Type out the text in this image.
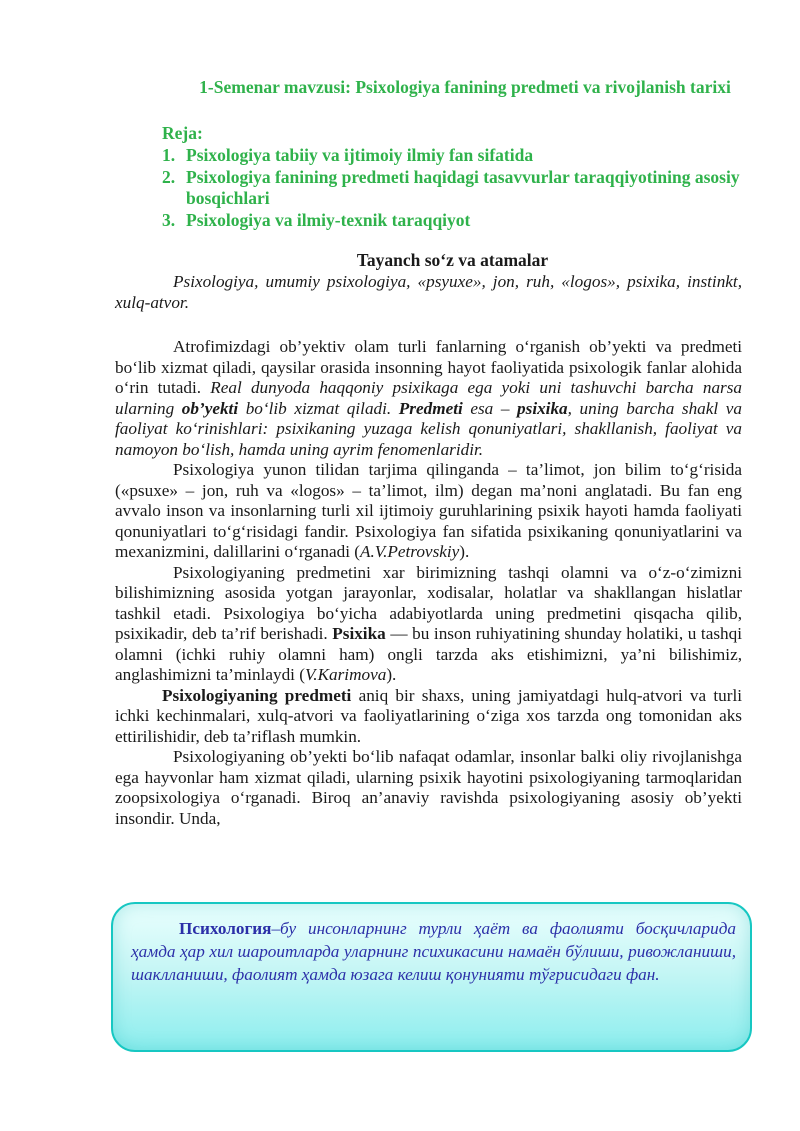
1-Semenar mavzusi: Psixologiya fanining predmeti va rivojlanish tarixi
Reja:
1. Psixologiya tabiiy va ijtimoiy ilmiy fan sifatida
2. Psixologiya fanining predmeti haqidagi tasavvurlar taraqqiyotining asosiy bosqichlari
3. Psixologiya va ilmiy-texnik taraqqiyot
Tayanch so‘z va atamalar
Psixologiya, umumiy psixologiya, «psyuxe», jon, ruh, «logos», psixika, instinkt, xulq-atvor.

Atrofimizdagi ob’yektiv olam turli fanlarning o‘rganish ob’yekti va predmeti bo‘lib xizmat qiladi, qaysilar orasida insonning hayot faoliyatida psixologik fanlar alohida o‘rin tutadi. Real dunyoda haqqoniy psixikaga ega yoki uni tashuvchi barcha narsa ularning ob’yekti bo‘lib xizmat qiladi. Predmeti esa – psixika, uning barcha shakl va faoliyat ko‘rinishlari: psixikaning yuzaga kelish qonuniyatlari, shakllanish, faoliyat va namoyon bo‘lish, hamda uning ayrim fenomenlaridir.

Psixologiya yunon tilidan tarjima qilinganda – ta’limot, jon bilim to‘g‘risida («psuxe» – jon, ruh va «logos» – ta’limot, ilm) degan ma’noni anglatadi. Bu fan eng avvalo inson va insonlarning turli xil ijtimoiy guruhlarining psixik hayoti hamda faoliyati qonuniyatlari to‘g‘risidagi fandir. Psixologiya fan sifatida psixikaning qonuniyatlarini va mexanizmini, dalillarini o‘rganadi (A.V.Petrovskiy).

Psixologiyaning predmetini xar birimizning tashqi olamni va o‘z-o‘zimizni bilishimizning asosida yotgan jarayonlar, xodisalar, holatlar va shakllangan hislatlar tashkil etadi. Psixologiya bo‘yicha adabiyotlarda uning predmetini qisqacha qilib, psixikadir, deb ta’rif berishadi. Psixika — bu inson ruhiyatining shunday holatiki, u tashqi olamni (ichki ruhiy olamni ham) ongli tarzda aks etishimizni, ya’ni bilishimiz, anglashimizni ta’minlaydi (V.Karimova).

Psixologiyaning predmeti aniq bir shaxs, uning jamiyatdagi hulq-atvori va turli ichki kechinmalari, xulq-atvori va faoliyatlarining o‘ziga xos tarzda ong tomonidan aks ettirilishidir, deb ta’riflash mumkin.

Psixologiyaning ob’yekti bo‘lib nafaqat odamlar, insonlar balki oliy rivojlanishga ega hayvonlar ham xizmat qiladi, ularning psixik hayotini psixologiyaning tarmoqlaridan zoopsixologiya o‘rganadi. Biroq an’anaviy ravishda psixologiyaning asosiy ob’yekti insondir. Unda,

Психология–бу инсонларнинг турли ҳаёт ва фаолияти босқичларида ҳамда ҳар хил шароитларда уларнинг психикасини намаён бўлиши, ривожланиши, шаклланиши, фаолият ҳамда юзага келиш қонунияти тўғрисидаги фан.
